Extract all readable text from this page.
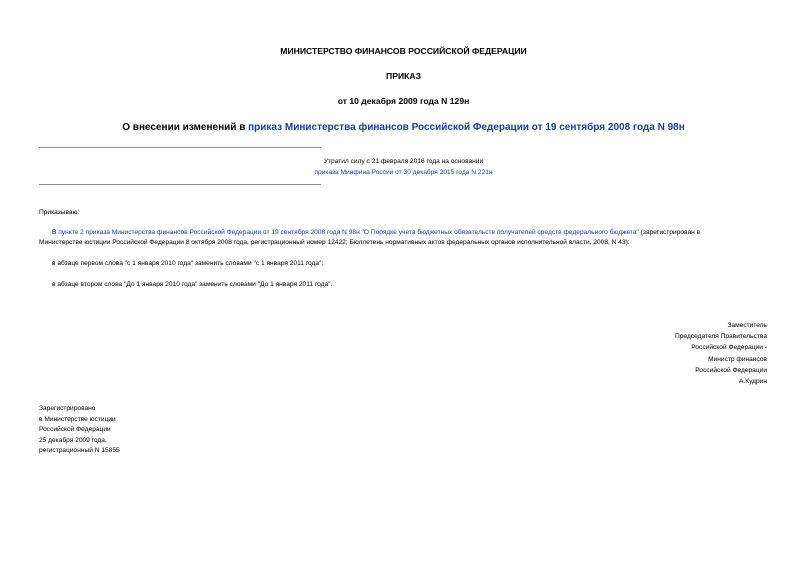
МИНИСТЕРСТВО ФИНАНСОВ РОССИЙСКОЙ ФЕДЕРАЦИИ
ПРИКАЗ
от 10 декабря 2009 года N 129н
О внесении изменений в приказ Министерства финансов Российской Федерации от 19 сентября 2008 года N 98н
Утратил силу с 21 февраля 2016 года на основании
приказа Минфина России от 30 декабря 2015 года N 221н
Приказываю:
В пункте 2 приказа Министерства финансов Российской Федерации от 19 сентября 2008 года N 98н "О Порядке учета бюджетных обязательств получателей средств федерального бюджета" (зарегистрирован в
Министерстве юстиции Российской Федерации 8 октября 2008 года, регистрационный номер 12422; Бюллетень нормативных актов федеральных органов исполнительной власти, 2008, N 43):
в абзаце первом слова "с 1 января 2010 года" заменить словами "с 1 января 2011 года";
в абзаце втором слова "До 1 января 2010 года" заменить словами "До 1 января 2011 года".
Заместитель
Председателя Правительства
Российской Федерации -
Министр финансов
Российской Федерации
А.Кудрин
Зарегистрировано
в Министерстве юстиции
Российской Федерации
25 декабря 2009 года,
регистрационный N 15855
